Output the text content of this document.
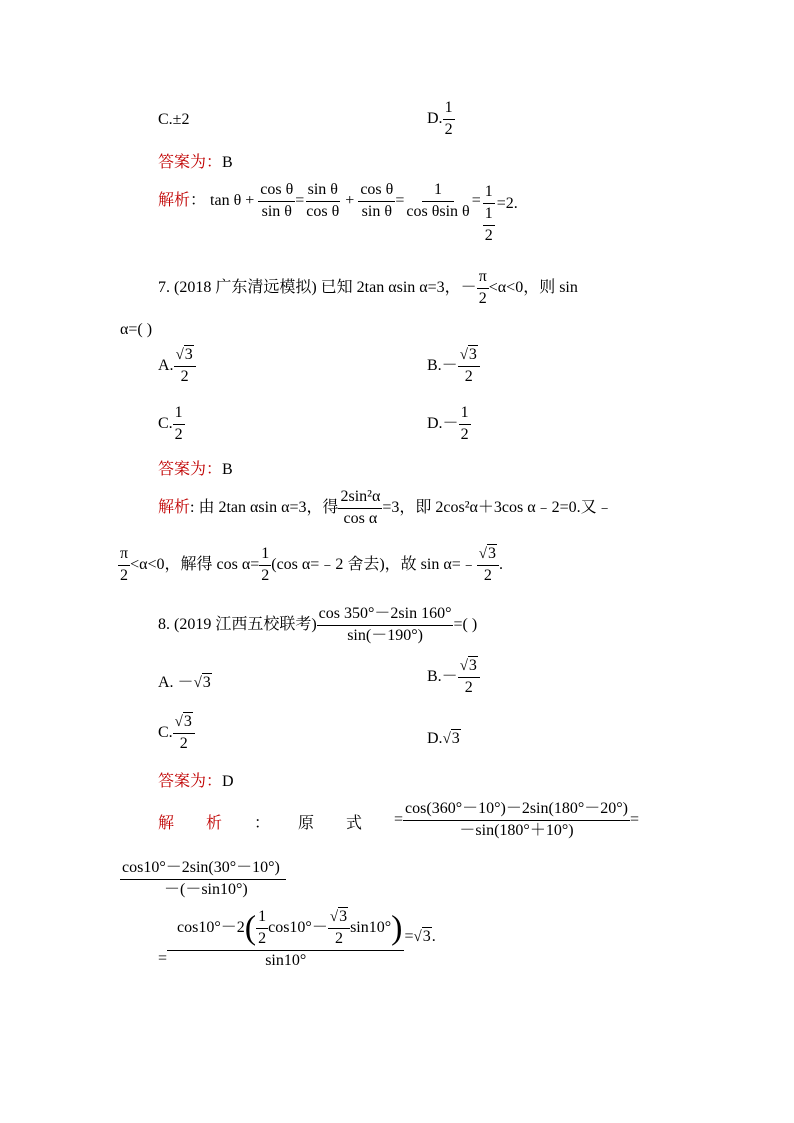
C.±2	D. $\frac{1}{2}$
答案为：B
解析： $\tan \theta + \frac{\text{cos θ}}{\text{sin θ}} = \frac{\text{sin θ}}{\text{cos θ}} + \frac{\text{cos θ}}{\text{sin θ}} = \frac{1}{\text{cos θsin θ}} = \frac{1}{\frac{1}{2}} =2$.
7. (2018 广东清远模拟) 已知 2tan αsin α=3，－ $\frac{\pi}{2} <\alpha<0$，则 sin
α=( )
A. $\frac{√3}{2}$	$B.- \frac{√3}{2}$
C. $\frac{1}{2}$	$D.- \frac{1}{2}$
答案为：B
解析: 由 2tan αsin α=3，得 $\frac{\text{2sin²α}}{\text{cos α}} =3$，即 2cos²α＋3cos α﹣2=0.又﹣
$\frac{\pi}{2} <\alpha<0$，解得 $\cos \alpha= \frac{1}{2} (\cos$ α=﹣2 舍去)，故 sin α=﹣ $\frac{√3}{2}$ .
8. (2019 江西五校联考) $\frac{\cos 350^\circ-2\sin 160^\circ}{\sin(-190^\circ)}$ =( )
A. －√3	$B.- \frac{√3}{2}$
C. $\frac{√3}{2}$	D.√3
答案为：D
解 析 ： 原 式 = $\frac{\cos(360^\circ-10^\circ)-2\sin(180^\circ-20^\circ)}{-\sin(180^\circ+10^\circ)}$ =
$\frac{\cos 10^\circ-2\sin(30^\circ-10^\circ)}{-(-\sin 10^\circ)}$
= $\frac{\cos 10^\circ-2( \frac{1}{2} \cos 10^\circ- \frac{√3}{2} \sin 10^\circ)}{\sin 10^\circ} =√3$.
